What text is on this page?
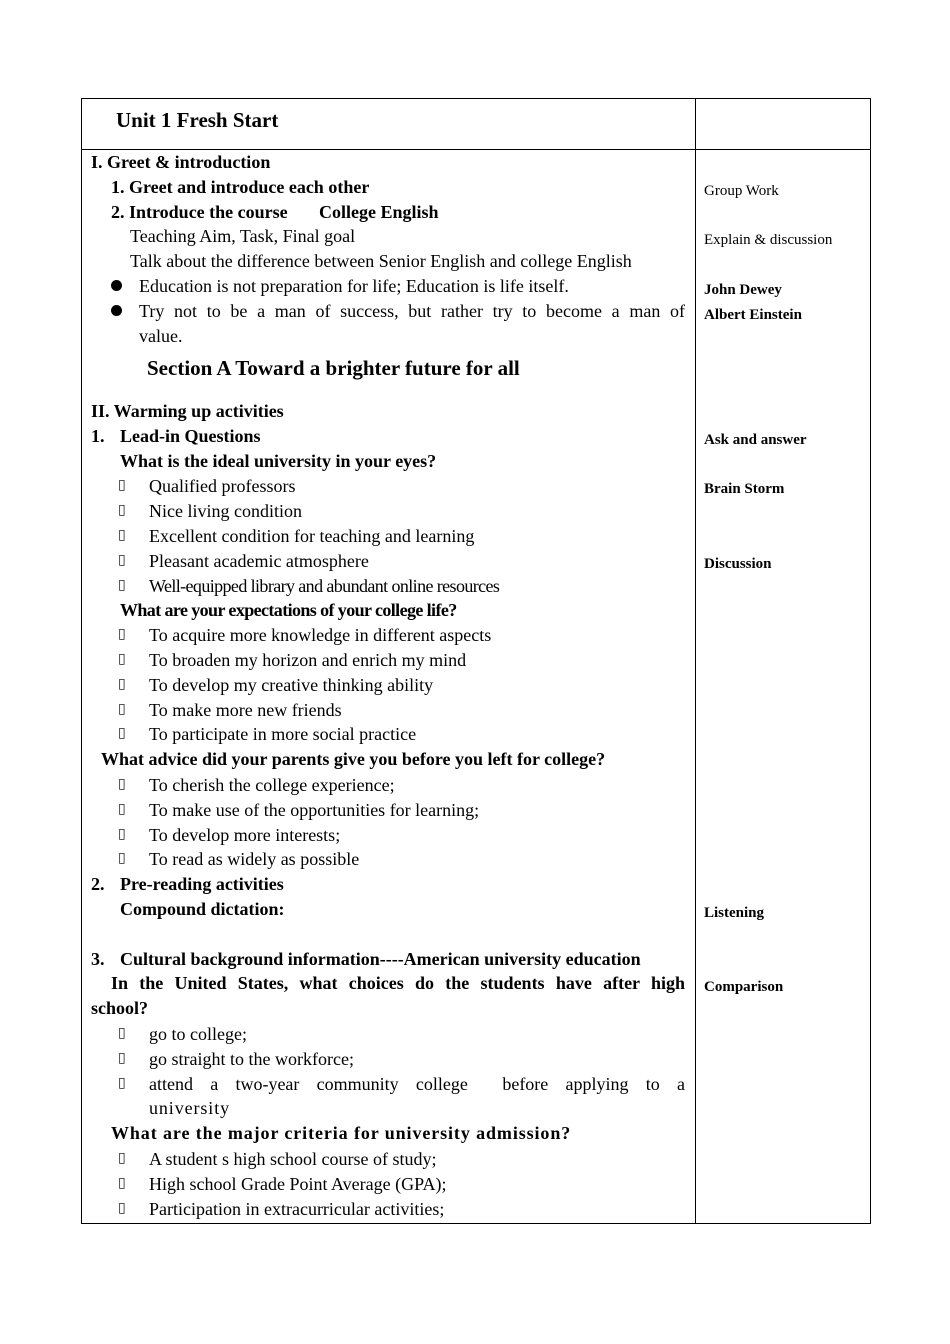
Unit 1 Fresh Start
I. Greet & introduction
1. Greet and introduce each other
2. Introduce the course College English
Teaching Aim, Task, Final goal
Talk about the difference between Senior English and college English
Education is not preparation for life; Education is life itself.
Try not to be a man of success, but rather try to become a man of
value.
Section A Toward a brighter future for all
II. Warming up activities
1. Lead-in Questions
What is the ideal university in your eyes?
▯ Qualified professors
▯ Nice living condition
▯ Excellent condition for teaching and learning
▯ Pleasant academic atmosphere
▯ Well-equipped library and abundant online resources
What are your expectations of your college life?
▯ To acquire more knowledge in different aspects
▯ To broaden my horizon and enrich my mind
▯ To develop my creative thinking ability
▯ To make more new friends
▯ To participate in more social practice
What advice did your parents give you before you left for college?
▯ To cherish the college experience;
▯ To make use of the opportunities for learning;
▯ To develop more interests;
▯ To read as widely as possible
2. Pre-reading activities
Compound dictation:
3. Cultural background information----American university education
In the United States, what choices do the students have after high
school?
▯ go to college;
▯ go straight to the workforce;
▯ attend a two-year community college  before applying to a
university
What are the major criteria for university admission?
▯ A student s high school course of study;
▯ High school Grade Point Average (GPA);
▯ Participation in extracurricular activities;
Group Work
Explain & discussion
John Dewey
Albert Einstein
Ask and answer
Brain Storm
Discussion
Listening
Comparison
